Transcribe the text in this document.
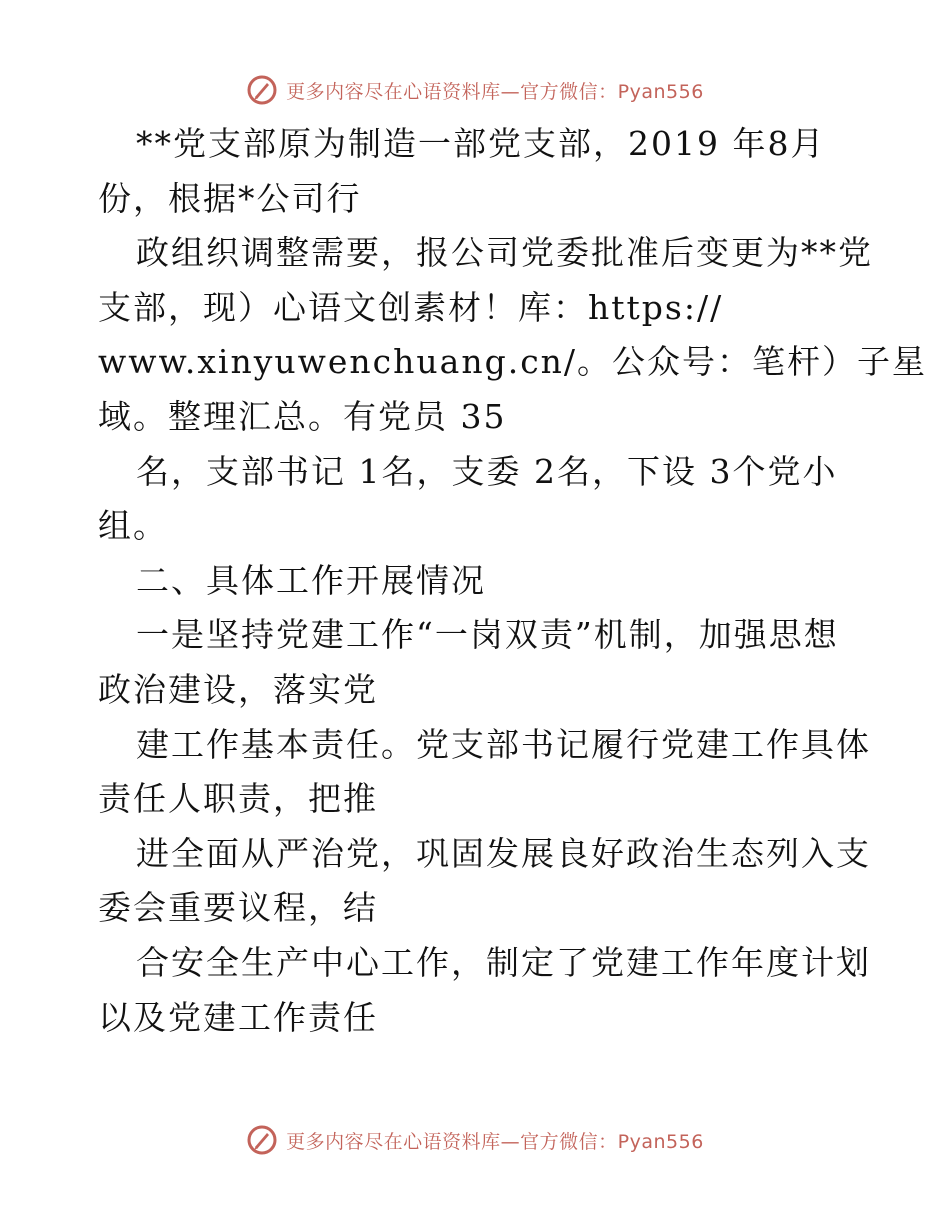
更多内容尽在心语资料库—官方微信：Pyan556
**党支部原为制造一部党支部，2019 年8月
份，根据*公司行
政组织调整需要，报公司党委批准后变更为**党
支部，现）心语文创素材！库：https://
www.xinyuwenchuang.cn/。公众号：笔杆）子星
域。整理汇总。有党员 35
名，支部书记 1名，支委 2名，下设 3个党小
组。
二、具体工作开展情况
一是坚持党建工作“一岗双责”机制，加强思想
政治建设，落实党
建工作基本责任。党支部书记履行党建工作具体
责任人职责，把推
进全面从严治党，巩固发展良好政治生态列入支
委会重要议程，结
合安全生产中心工作，制定了党建工作年度计划
以及党建工作责任
更多内容尽在心语资料库—官方微信：Pyan556
